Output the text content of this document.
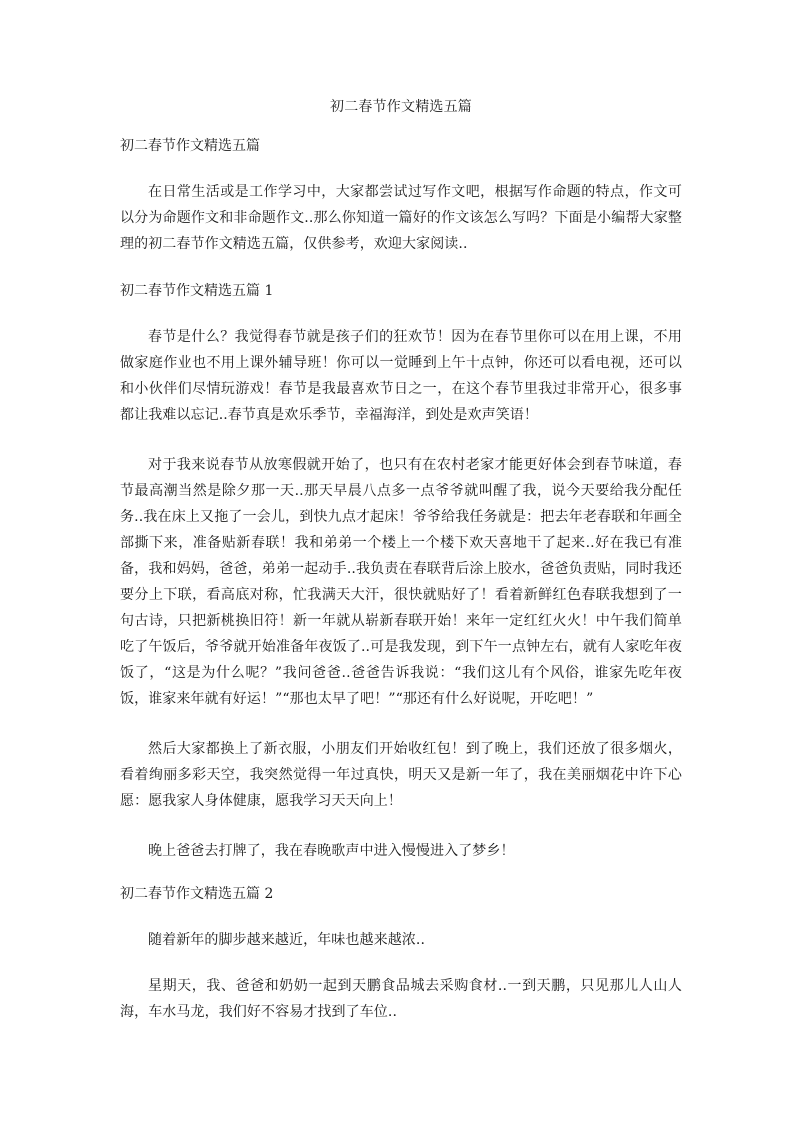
初二春节作文精选五篇
初二春节作文精选五篇

在日常生活或是工作学习中，大家都尝试过写作文吧，根据写作命题的特点，作文可以分为命题作文和非命题作文..那么你知道一篇好的作文该怎么写吗？下面是小编帮大家整理的初二春节作文精选五篇，仅供参考，欢迎大家阅读..

初二春节作文精选五篇 1

春节是什么？我觉得春节就是孩子们的狂欢节！因为在春节里你可以在用上课，不用做家庭作业也不用上课外辅导班！你可以一觉睡到上午十点钟，你还可以看电视，还可以和小伙伴们尽情玩游戏！春节是我最喜欢节日之一，在这个春节里我过非常开心，很多事都让我难以忘记..春节真是欢乐季节，幸福海洋，到处是欢声笑语！

对于我来说春节从放寒假就开始了，也只有在农村老家才能更好体会到春节味道，春节最高潮当然是除夕那一天..那天早晨八点多一点爷爷就叫醒了我，说今天要给我分配任务..我在床上又拖了一会儿，到快九点才起床！爷爷给我任务就是：把去年老春联和年画全部撕下来，准备贴新春联！我和弟弟一个楼上一个楼下欢天喜地干了起来..好在我已有准备，我和妈妈，爸爸，弟弟一起动手..我负责在春联背后涂上胶水，爸爸负责贴，同时我还要分上下联，看高底对称，忙我满天大汗，很快就贴好了！看着新鲜红色春联我想到了一句古诗，只把新桃换旧符！新一年就从崭新春联开始！来年一定红红火火！中午我们简单吃了午饭后，爷爷就开始准备年夜饭了..可是我发现，到下午一点钟左右，就有人家吃年夜饭了，“这是为什么呢？”我问爸爸..爸爸告诉我说：“我们这儿有个风俗，谁家先吃年夜饭，谁家来年就有好运！”“那也太早了吧！”“那还有什么好说呢，开吃吧！”

然后大家都换上了新衣服，小朋友们开始收红包！到了晚上，我们还放了很多烟火，看着绚丽多彩天空，我突然觉得一年过真快，明天又是新一年了，我在美丽烟花中许下心愿：愿我家人身体健康，愿我学习天天向上！

晚上爸爸去打牌了，我在春晚歌声中进入慢慢进入了梦乡！

初二春节作文精选五篇 2

随着新年的脚步越来越近，年味也越来越浓..

星期天，我、爸爸和奶奶一起到天鹏食品城去采购食材..一到天鹏，只见那儿人山人海，车水马龙，我们好不容易才找到了车位..
